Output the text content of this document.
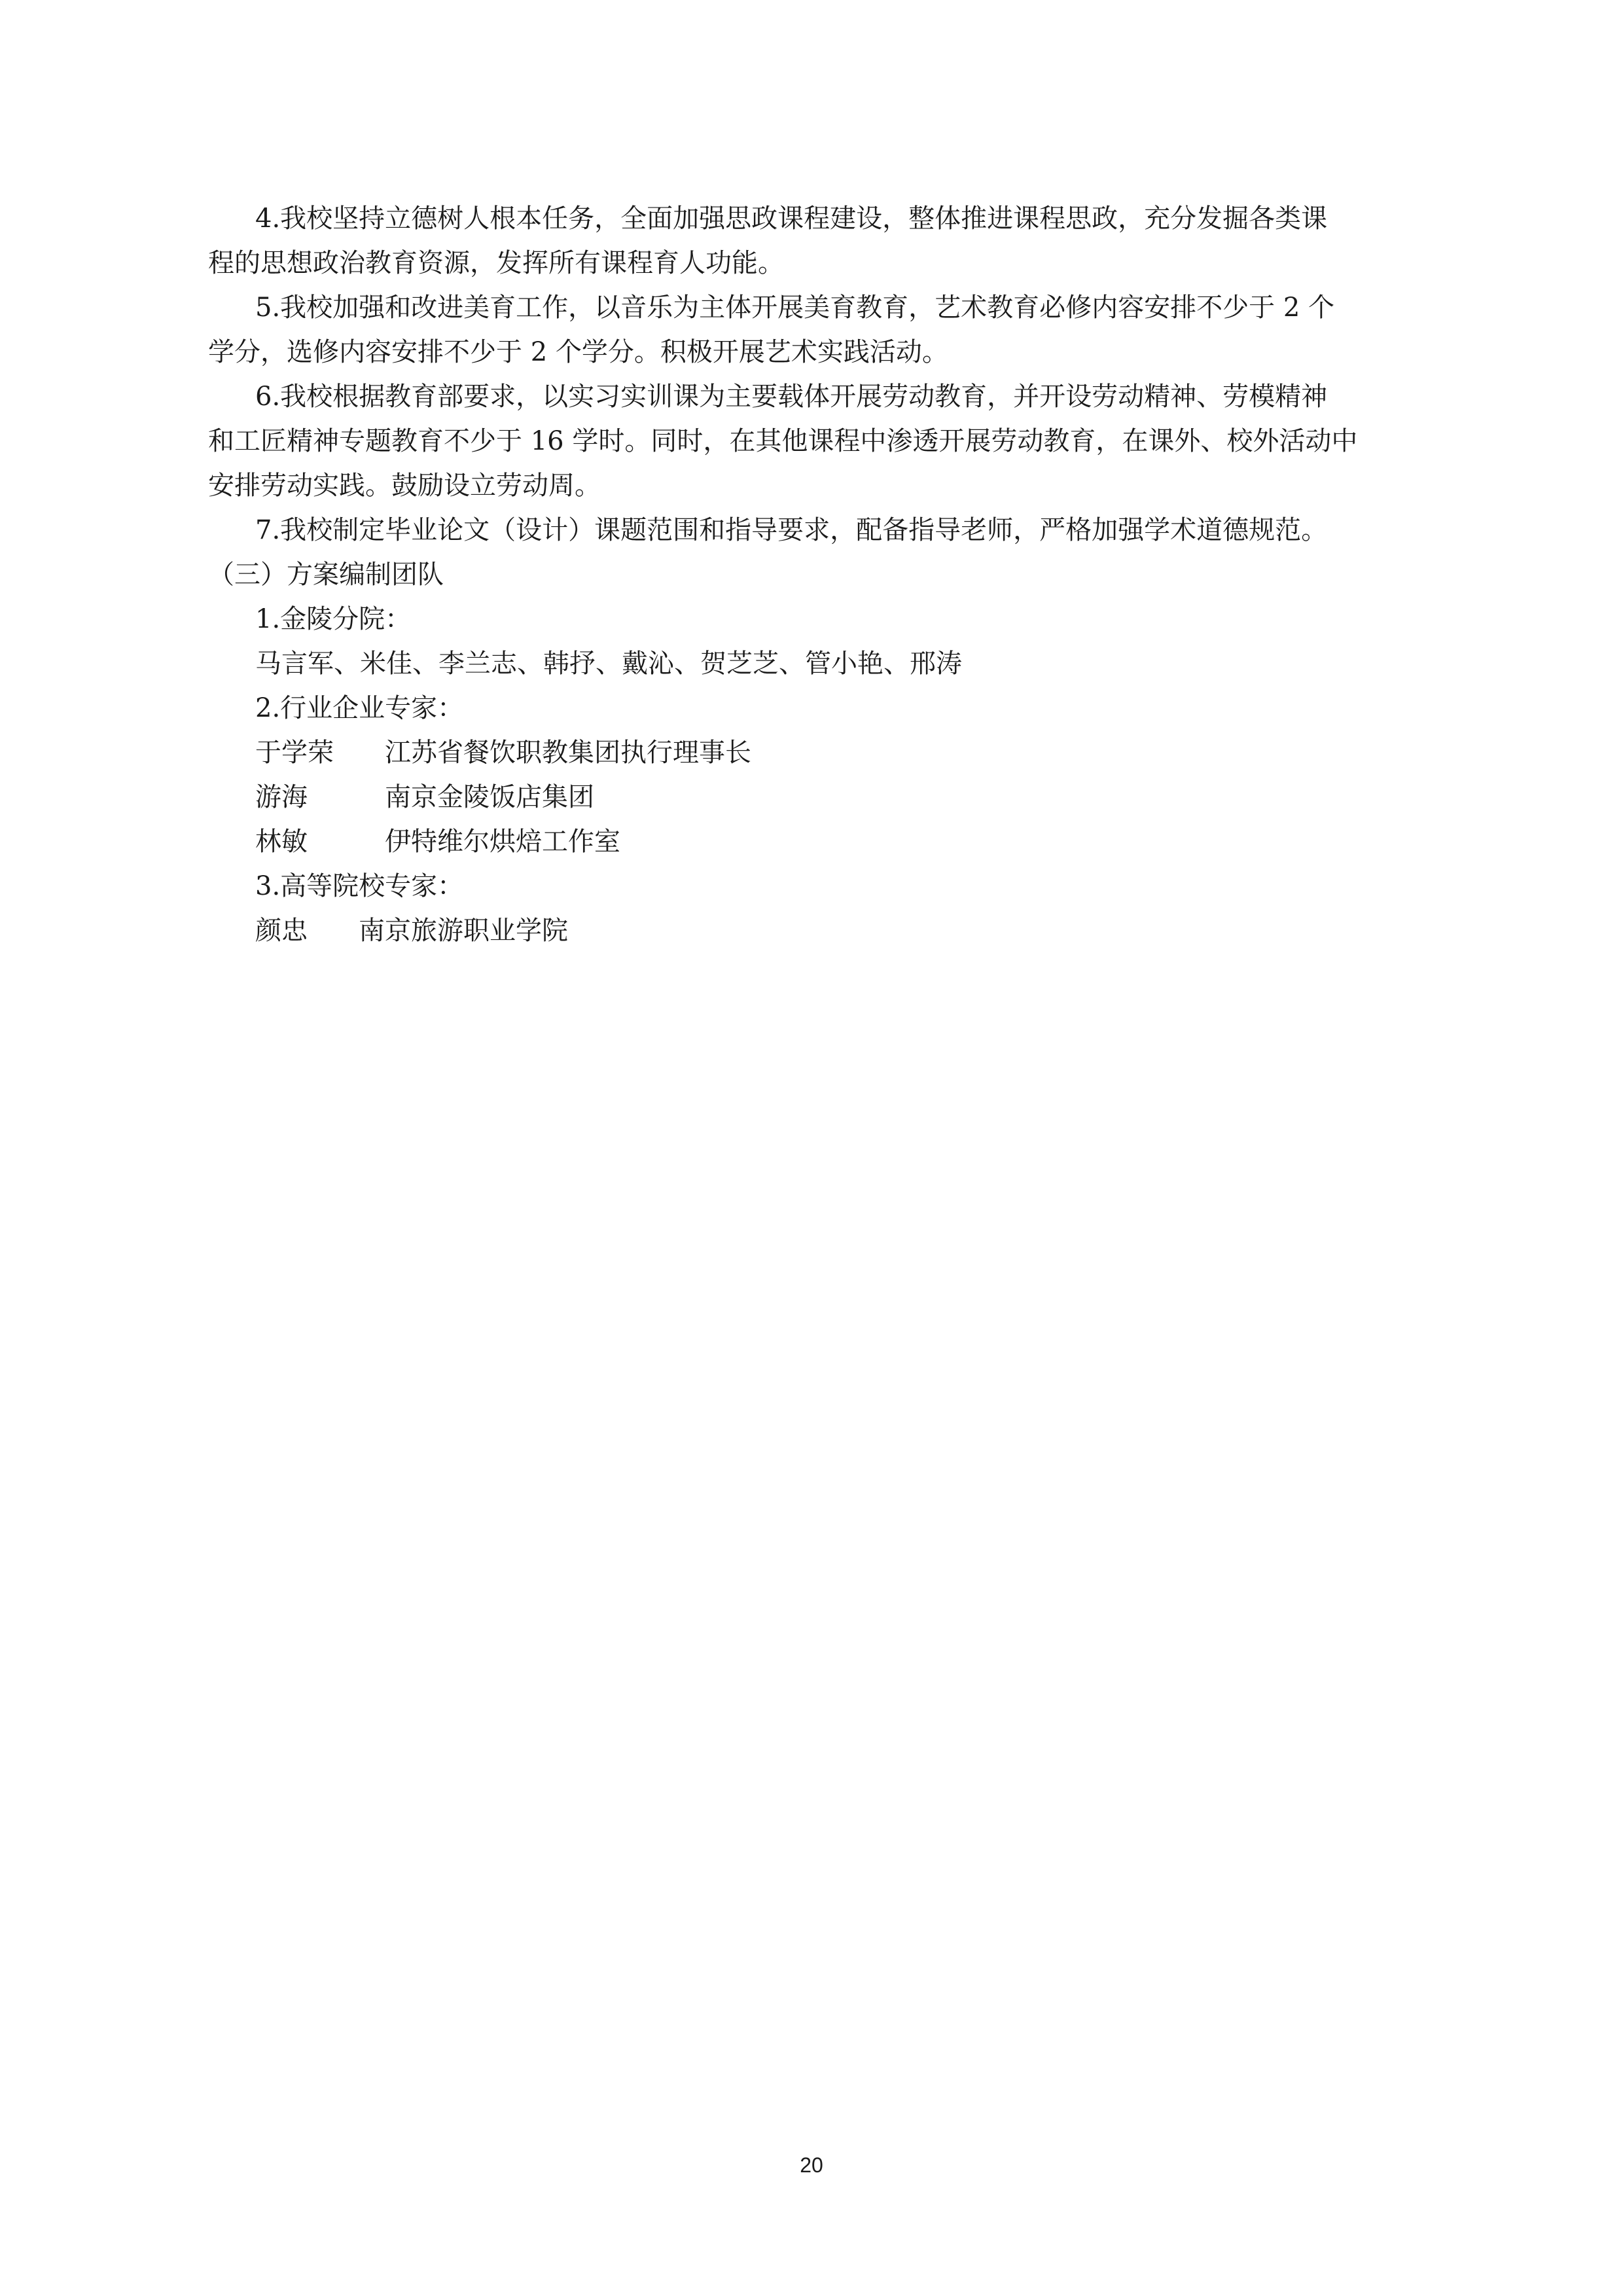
4.我校坚持立德树人根本任务，全面加强思政课程建设，整体推进课程思政，充分发掘各类课
程的思想政治教育资源，发挥所有课程育人功能。
5.我校加强和改进美育工作，以音乐为主体开展美育教育，艺术教育必修内容安排不少于 2 个
学分，选修内容安排不少于 2 个学分。积极开展艺术实践活动。
6.我校根据教育部要求，以实习实训课为主要载体开展劳动教育，并开设劳动精神、劳模精神
和工匠精神专题教育不少于 16 学时。同时，在其他课程中渗透开展劳动教育，在课外、校外活动中
安排劳动实践。鼓励设立劳动周。
7.我校制定毕业论文（设计）课题范围和指导要求，配备指导老师，严格加强学术道德规范。
（三）方案编制团队
1.金陵分院：
马言军、米佳、李兰志、韩抒、戴沁、贺芝芝、管小艳、邢涛
2.行业企业专家：
于学荣	江苏省餐饮职教集团执行理事长
游海	南京金陵饭店集团
林敏	伊特维尔烘焙工作室
3.高等院校专家：
颜忠	南京旅游职业学院
20
